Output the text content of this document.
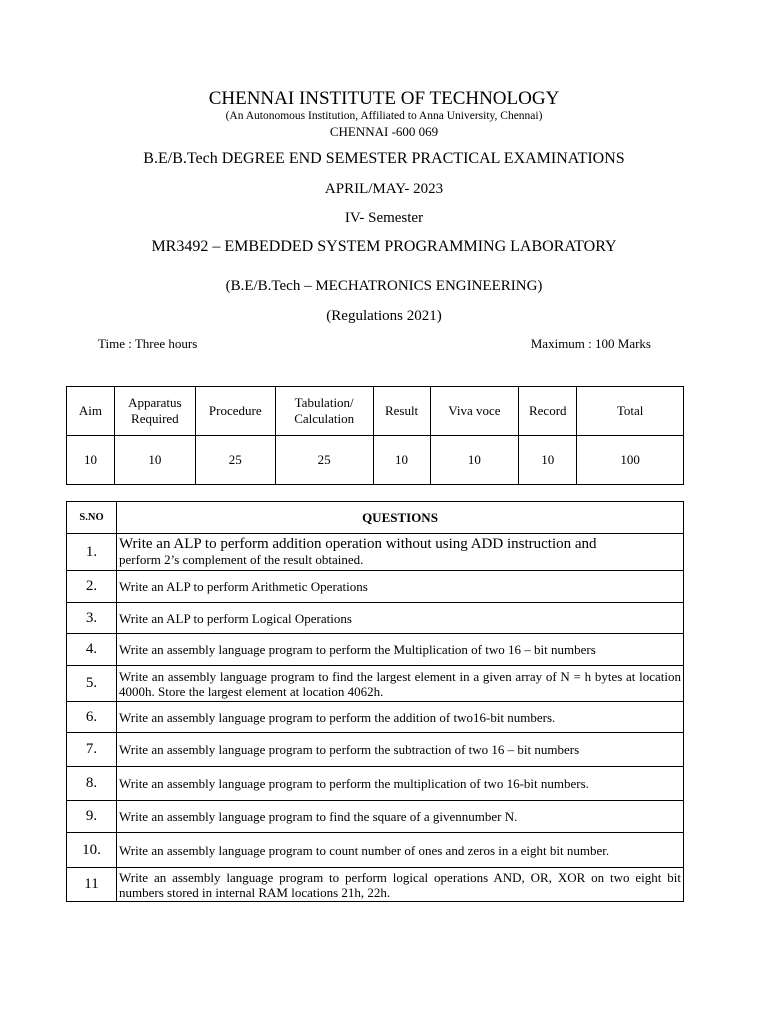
CHENNAI INSTITUTE OF TECHNOLOGY
(An Autonomous Institution, Affiliated to Anna University, Chennai)
CHENNAI -600 069
B.E/B.Tech DEGREE END SEMESTER PRACTICAL EXAMINATIONS
APRIL/MAY- 2023
IV- Semester
MR3492 – EMBEDDED SYSTEM PROGRAMMING LABORATORY
(B.E/B.Tech – MECHATRONICS ENGINEERING)
(Regulations 2021)
Time : Three hours	Maximum : 100 Marks
Aim	Apparatus Required	Procedure	Tabulation/ Calculation	Result	Viva voce	Record	Total
10	10	25	25	10	10	10	100
S.NO	QUESTIONS
1.	Write an ALP to perform addition operation without using ADD instruction and
perform 2’s complement of the result obtained.
2.	Write an ALP to perform Arithmetic Operations
3.	Write an ALP to perform Logical Operations
4.	Write an assembly language program to perform the Multiplication of two 16 – bit numbers
5.	Write an assembly language program to find the largest element in a given array of N = h bytes at location 4000h. Store the largest element at location 4062h.
6.	Write an assembly language program to perform the addition of two16-bit numbers.
7.	Write an assembly language program to perform the subtraction of two 16 – bit numbers
8.	Write an assembly language program to perform the multiplication of two 16-bit numbers.
9.	Write an assembly language program to find the square of a givennumber N.
10.	Write an assembly language program to count number of ones and zeros in a eight bit number.
11	Write an assembly language program to perform logical operations AND, OR, XOR on two eight bit numbers stored in internal RAM locations 21h, 22h.
